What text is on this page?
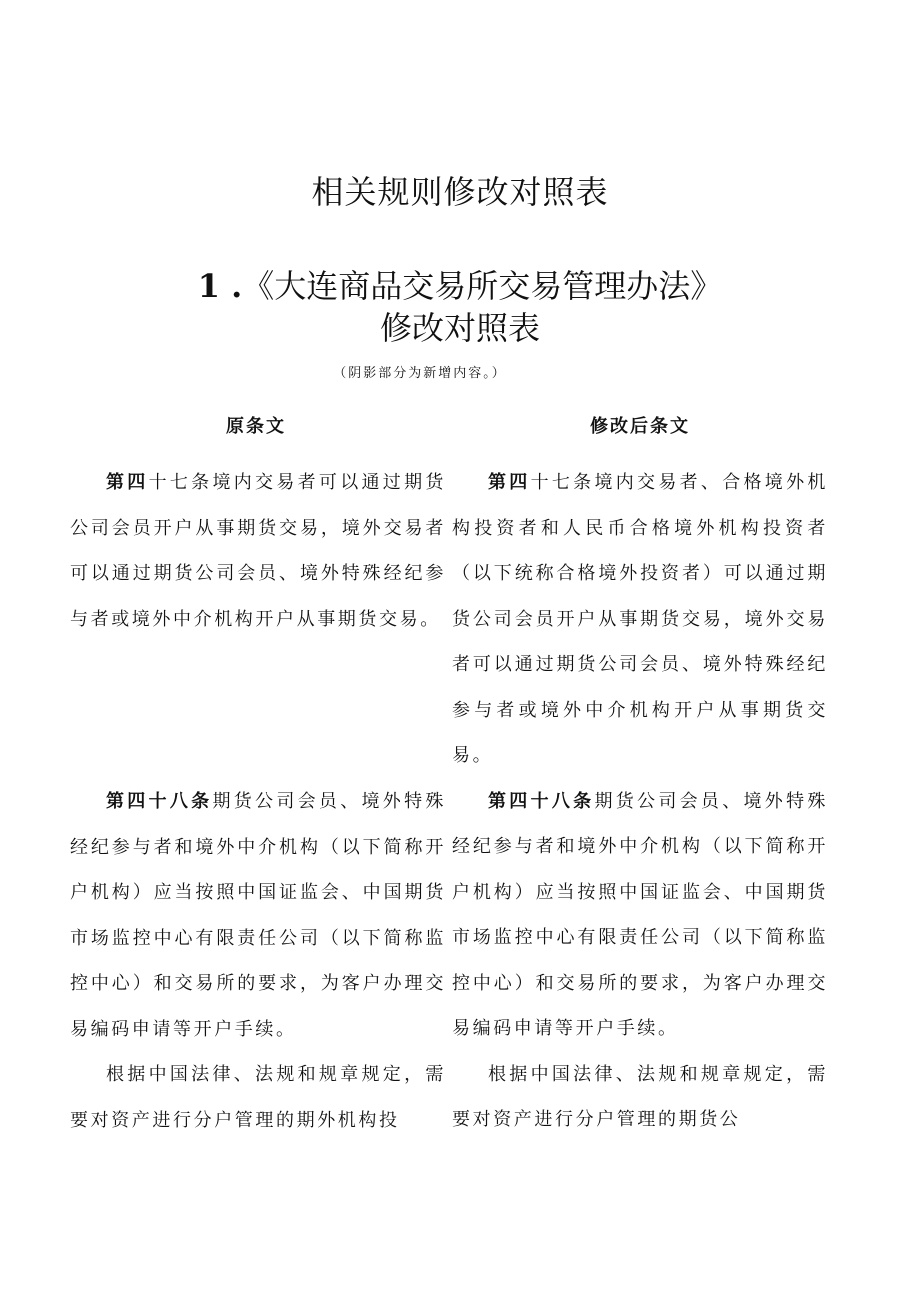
相关规则修改对照表
1 .《大连商品交易所交易管理办法》
修改对照表
（阴影部分为新增内容。）
原条文	修改后条文

第四十七条境内交易者可以通过期货公司会员开户从事期货交易，境外交易者可以通过期货公司会员、境外特殊经纪参与者或境外中介机构开户从事期货交易。

第四十八条期货公司会员、境外特殊经纪参与者和境外中介机构（以下简称开户机构）应当按照中国证监会、中国期货市场监控中心有限责任公司（以下简称监控中心）和交易所的要求，为客户办理交易编码申请等开户手续。

根据中国法律、法规和规章规定，需要对资产进行分户管理的期外机构投

第四十七条境内交易者、合格境外机构投资者和人民币合格境外机构投资者（以下统称合格境外投资者）可以通过期货公司会员开户从事期货交易，境外交易者可以通过期货公司会员、境外特殊经纪参与者或境外中介机构开户从事期货交易。

第四十八条期货公司会员、境外特殊经纪参与者和境外中介机构（以下简称开户机构）应当按照中国证监会、中国期货市场监控中心有限责任公司（以下简称监控中心）和交易所的要求，为客户办理交易编码申请等开户手续。

根据中国法律、法规和规章规定，需要对资产进行分户管理的期货公
